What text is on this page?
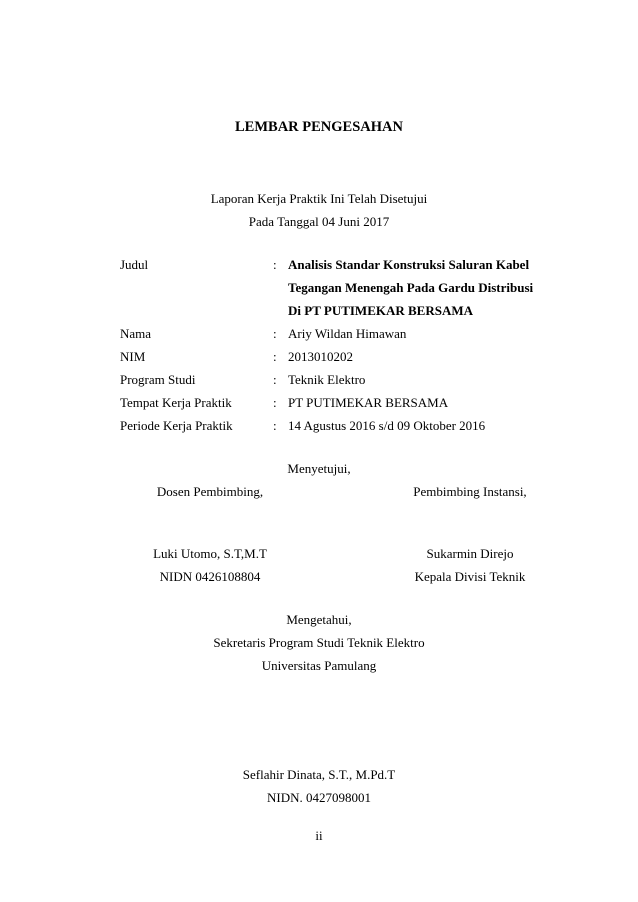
LEMBAR PENGESAHAN
Laporan Kerja Praktik Ini Telah Disetujui
Pada Tanggal 04 Juni 2017
Judul	: Analisis Standar Konstruksi Saluran Kabel
Tegangan Menengah Pada Gardu Distribusi
Di PT PUTIMEKAR BERSAMA
Nama	: Ariy Wildan Himawan
NIM	: 2013010202
Program Studi	: Teknik Elektro
Tempat Kerja Praktik	: PT PUTIMEKAR BERSAMA
Periode Kerja Praktik	: 14 Agustus 2016 s/d 09 Oktober 2016
Menyetujui,
Dosen Pembimbing,	Pembimbing Instansi,
Luki Utomo, S.T,M.T	Sukarmin Direjo
NIDN 0426108804	Kepala Divisi Teknik
Mengetahui,
Sekretaris Program Studi Teknik Elektro
Universitas Pamulang
Seflahir Dinata, S.T., M.Pd.T
NIDN. 0427098001
ii
